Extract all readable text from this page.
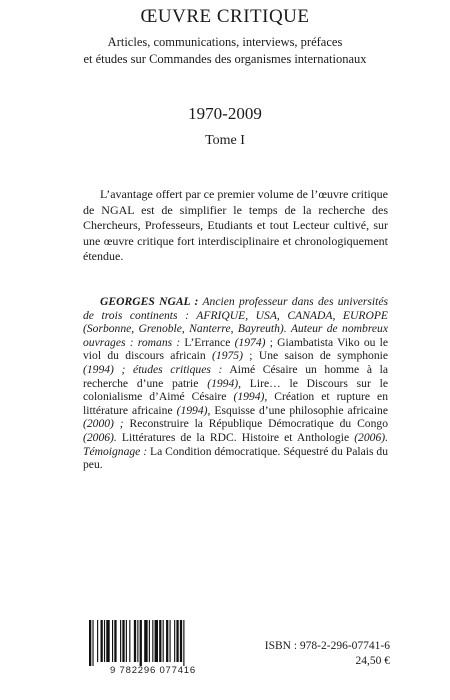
ŒUVRE CRITIQUE
Articles, communications, interviews, préfaces
et études sur Commandes des organismes internationaux
1970-2009
Tome I

L’avantage offert par ce premier volume de l’œuvre critique de NGAL est de simplifier le temps de la recherche des Chercheurs, Professeurs, Etudiants et tout Lecteur cultivé, sur une œuvre critique fort interdisciplinaire et chronologiquement étendue.

GEORGES NGAL : Ancien professeur dans des universités de trois continents : AFRIQUE, USA, CANADA, EUROPE (Sorbonne, Grenoble, Nanterre, Bayreuth). Auteur de nombreux ouvrages : romans : L’Errance (1974) ; Giambatista Viko ou le viol du discours africain (1975) ; Une saison de symphonie (1994) ; études critiques : Aimé Césaire un homme à la recherche d’une patrie (1994), Lire… le Discours sur le colonialisme d’Aimé Césaire (1994), Création et rupture en littérature africaine (1994), Esquisse d’une philosophie africaine (2000) ; Reconstruire la République Démocratique du Congo (2006). Littératures de la RDC. Histoire et Anthologie (2006). Témoignage : La Condition démocratique. Séquestré du Palais du peu.

9 782296 077416
ISBN : 978-2-296-07741-6
24,50 €
